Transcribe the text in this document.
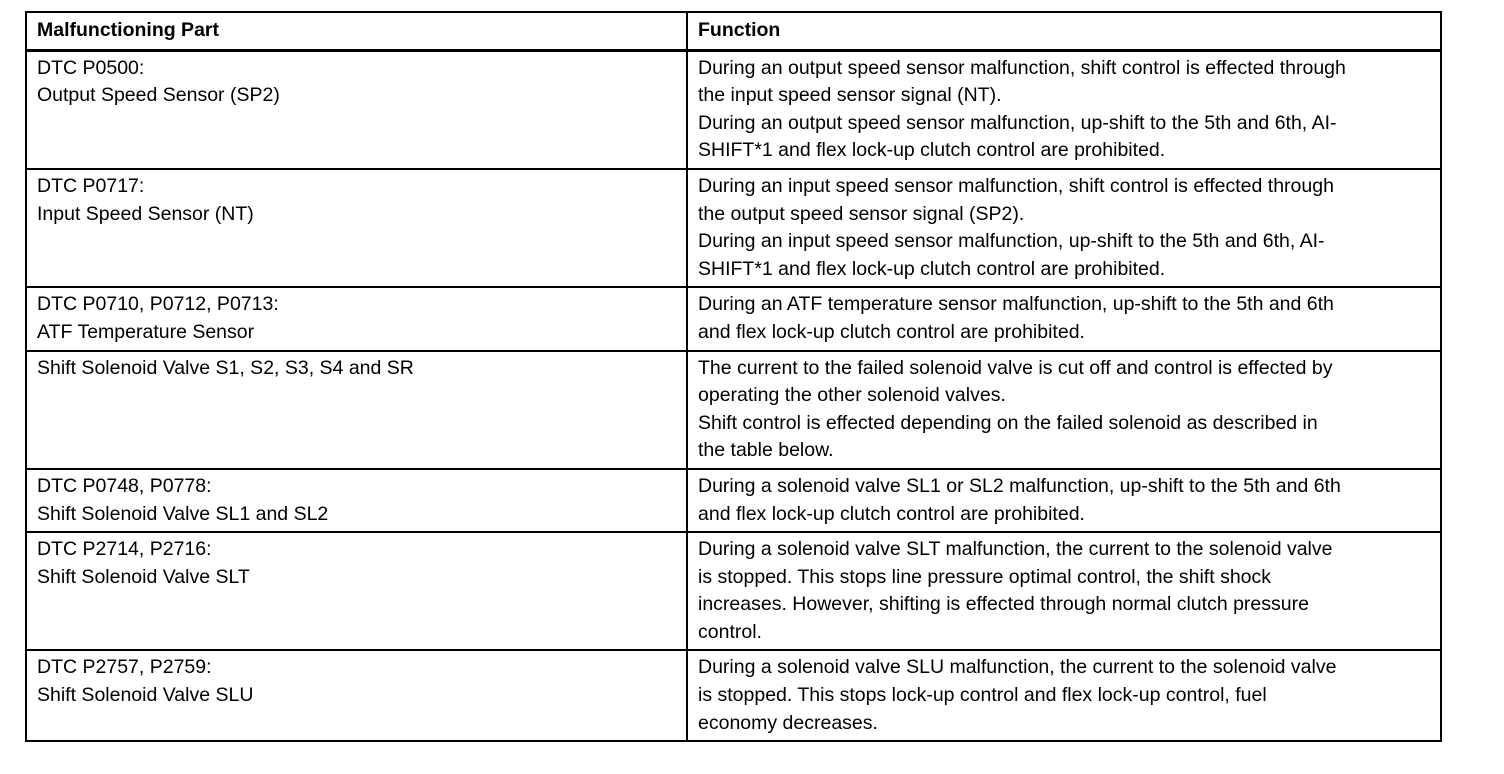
Malfunctioning Part	Function
DTC P0500:
Output Speed Sensor (SP2)
During an output speed sensor malfunction, shift control is effected through
the input speed sensor signal (NT).
During an output speed sensor malfunction, up-shift to the 5th and 6th, AI-
SHIFT*1 and flex lock-up clutch control are prohibited.
DTC P0717:
Input Speed Sensor (NT)
During an input speed sensor malfunction, shift control is effected through
the output speed sensor signal (SP2).
During an input speed sensor malfunction, up-shift to the 5th and 6th, AI-
SHIFT*1 and flex lock-up clutch control are prohibited.
DTC P0710, P0712, P0713:
ATF Temperature Sensor
During an ATF temperature sensor malfunction, up-shift to the 5th and 6th
and flex lock-up clutch control are prohibited.
Shift Solenoid Valve S1, S2, S3, S4 and SR	The current to the failed solenoid valve is cut off and control is effected by
operating the other solenoid valves.
Shift control is effected depending on the failed solenoid as described in
the table below.
DTC P0748, P0778:
Shift Solenoid Valve SL1 and SL2
During a solenoid valve SL1 or SL2 malfunction, up-shift to the 5th and 6th
and flex lock-up clutch control are prohibited.
DTC P2714, P2716:
Shift Solenoid Valve SLT
During a solenoid valve SLT malfunction, the current to the solenoid valve
is stopped. This stops line pressure optimal control, the shift shock
increases. However, shifting is effected through normal clutch pressure
control.
DTC P2757, P2759:
Shift Solenoid Valve SLU
During a solenoid valve SLU malfunction, the current to the solenoid valve
is stopped. This stops lock-up control and flex lock-up control, fuel
economy decreases.
